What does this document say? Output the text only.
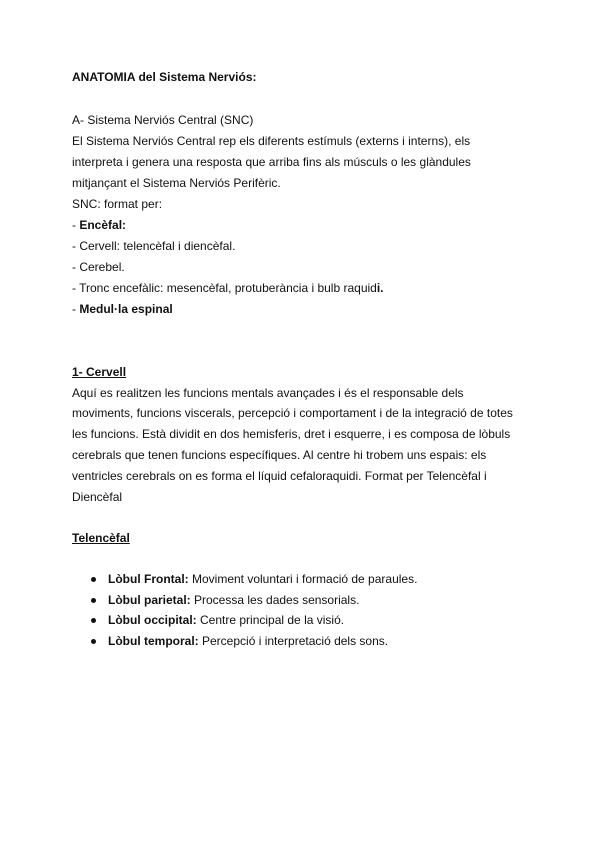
ANATOMIA del Sistema Nerviós:

A- Sistema Nerviós Central (SNC)

El Sistema Nerviós Central rep els diferents estímuls (externs i interns), els

interpreta i genera una resposta que arriba fins als músculs o les glàndules

mitjançant el Sistema Nerviós Perifèric.

SNC: format per:

- Encèfal:

- Cervell: telencèfal i diencèfal.

- Cerebel.

- Tronc encefàlic: mesencèfal, protuberància i bulb raquidi.

- Medul·la espinal

1- Cervell

Aquí es realitzen les funcions mentals avançades i és el responsable dels

moviments, funcions viscerals, percepció i comportament i de la integració de totes

les funcions. Està dividit en dos hemisferis, dret i esquerre, i es composa de lòbuls

cerebrals que tenen funcions específiques. Al centre hi trobem uns espais: els

ventricles cerebrals on es forma el líquid cefaloraquidi. Format per Telencèfal i

Diencèfal

Telencèfal

Lòbul Frontal: Moviment voluntari i formació de paraules.
Lòbul parietal: Processa les dades sensorials.
Lòbul occipital: Centre principal de la visió.
Lòbul temporal: Percepció i interpretació dels sons.
